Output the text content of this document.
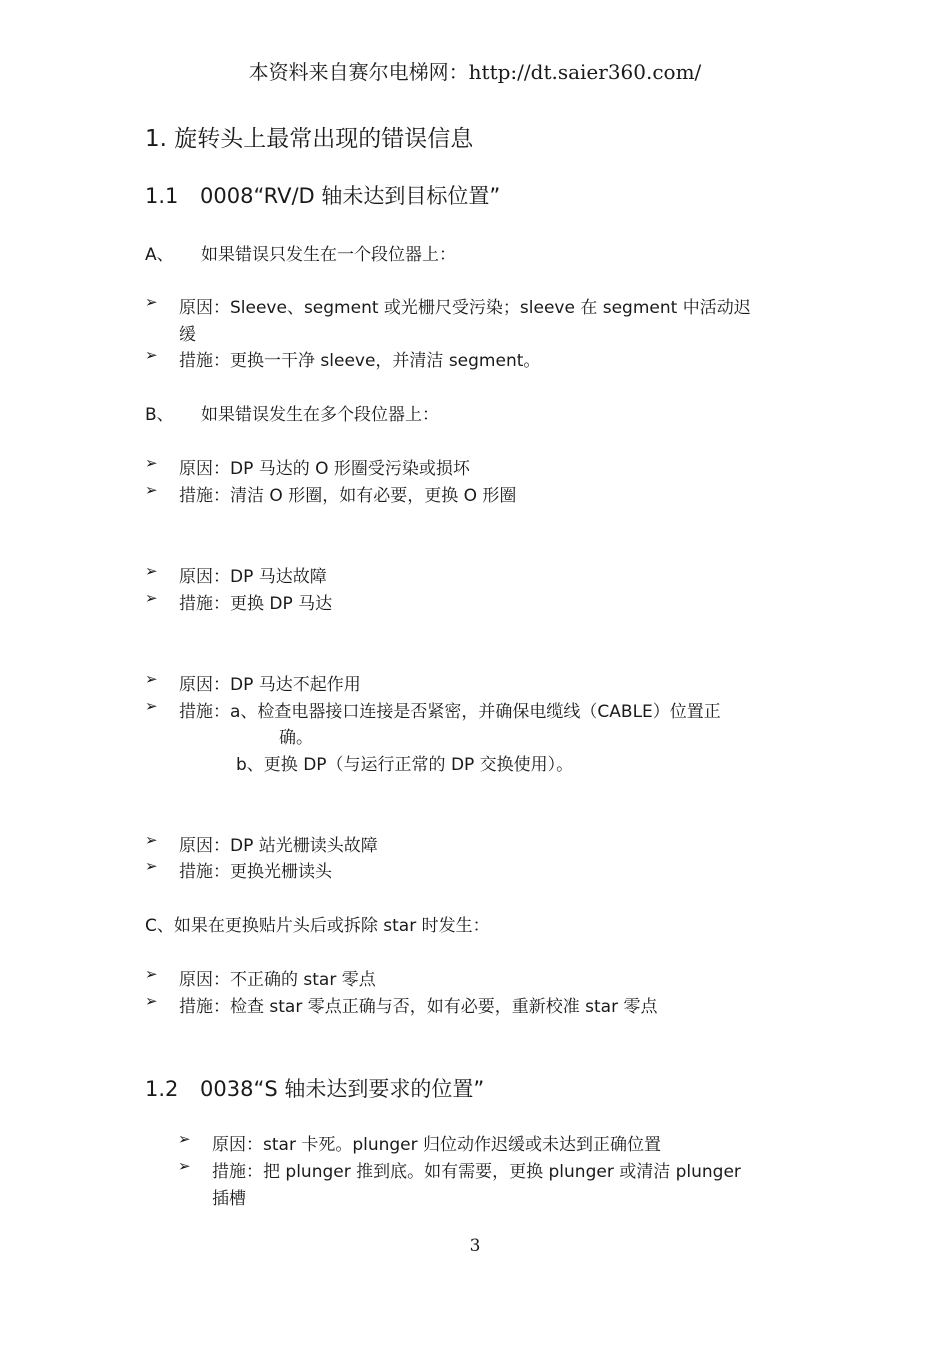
本资料来自赛尔电梯网：http://dt.saier360.com/
1. 旋转头上最常出现的错误信息
1.1 0008“RV/D 轴未达到目标位置”
A、 如果错误只发生在一个段位器上：
➢ 原因：Sleeve、segment 或光栅尺受污染；sleeve 在 segment 中活动迟
缓
➢ 措施：更换一干净 sleeve，并清洁 segment。
B、 如果错误发生在多个段位器上：
➢ 原因：DP 马达的 O 形圈受污染或损坏
➢ 措施：清洁 O 形圈，如有必要，更换 O 形圈
➢ 原因：DP 马达故障
➢ 措施：更换 DP 马达
➢ 原因：DP 马达不起作用
➢ 措施：a、检查电器接口连接是否紧密，并确保电缆线（CABLE）位置正
确。
b、更换 DP（与运行正常的 DP 交换使用）。
➢ 原因：DP 站光栅读头故障
➢ 措施：更换光栅读头
C、如果在更换贴片头后或拆除 star 时发生：
➢ 原因：不正确的 star 零点
➢ 措施：检查 star 零点正确与否，如有必要，重新校准 star 零点
1.2 0038“S 轴未达到要求的位置”
➢ 原因：star 卡死。plunger 归位动作迟缓或未达到正确位置
➢ 措施：把 plunger 推到底。如有需要，更换 plunger 或清洁 plunger
插槽
3
